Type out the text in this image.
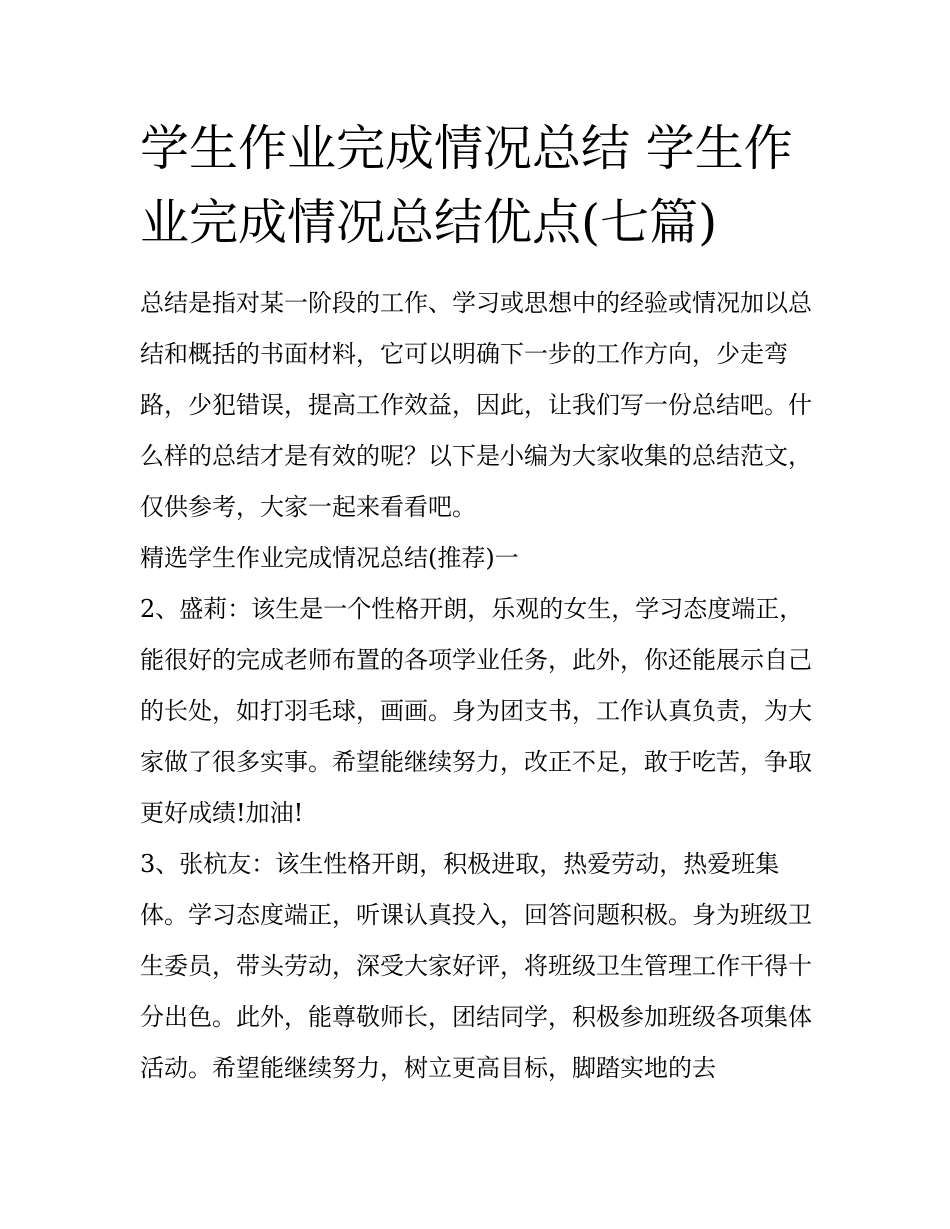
学生作业完成情况总结 学生作业完成情况总结优点(七篇)

总结是指对某一阶段的工作、学习或思想中的经验或情况加以总结和概括的书面材料，它可以明确下一步的工作方向，少走弯路，少犯错误，提高工作效益，因此，让我们写一份总结吧。什么样的总结才是有效的呢？以下是小编为大家收集的总结范文，仅供参考，大家一起来看看吧。

精选学生作业完成情况总结(推荐)一

2、盛莉：该生是一个性格开朗，乐观的女生，学习态度端正，能很好的完成老师布置的各项学业任务，此外，你还能展示自己的长处，如打羽毛球，画画。身为团支书，工作认真负责，为大家做了很多实事。希望能继续努力，改正不足，敢于吃苦，争取更好成绩!加油!

3、张杭友：该生性格开朗，积极进取，热爱劳动，热爱班集体。学习态度端正，听课认真投入，回答问题积极。身为班级卫生委员，带头劳动，深受大家好评，将班级卫生管理工作干得十分出色。此外，能尊敬师长，团结同学，积极参加班级各项集体活动。希望能继续努力，树立更高目标，脚踏实地的去
